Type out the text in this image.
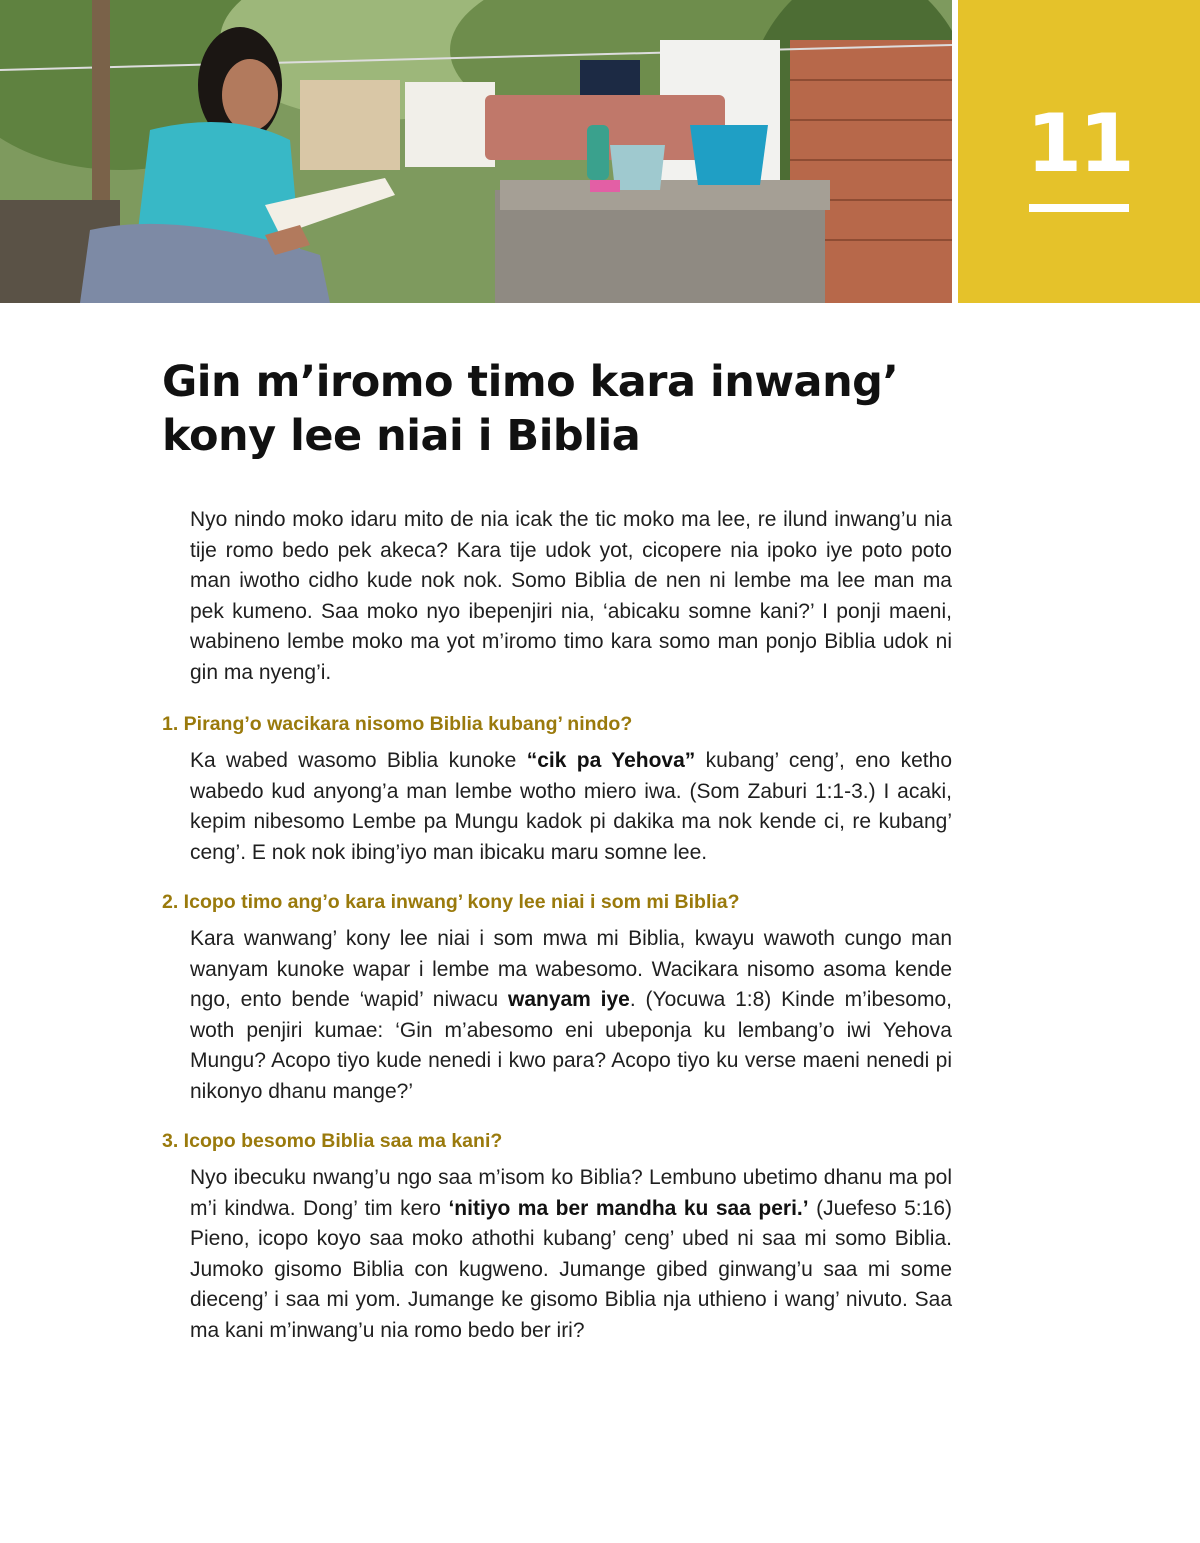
11
Gin m’iromo timo kara inwang’
kony lee niai i Biblia

Nyo nindo moko idaru mito de nia icak the tic moko ma lee, re ilund inwang’u nia tije romo bedo pek akeca? Kara tije udok yot, cicopere nia ipoko iye poto poto man iwotho cidho kude nok nok. Somo Biblia de nen ni lembe ma lee man ma pek kumeno. Saa moko nyo ibepenjiri nia, ‘abicaku somne kani?’ I ponji maeni, wabineno lembe moko ma yot m’iromo timo kara somo man ponjo Biblia udok ni gin ma nyeng’i.

1. Pirang’o wacikara nisomo Biblia kubang’ nindo?

Ka wabed wasomo Biblia kunoke “cik pa Yehova” kubang’ ceng’, eno ketho wabedo kud anyong’a man lembe wotho miero iwa. (Som Zaburi 1:1-3.) I acaki, kepim nibesomo Lembe pa Mungu kadok pi dakika ma nok kende ci, re kubang’ ceng’. E nok nok ibing’iyo man ibicaku maru somne lee.

2. Icopo timo ang’o kara inwang’ kony lee niai i som mi Biblia?

Kara wanwang’ kony lee niai i som mwa mi Biblia, kwayu wawoth cungo man wanyam kunoke wapar i lembe ma wabesomo. Wacikara nisomo asoma kende ngo, ento bende ‘wapid’ niwacu wanyam iye. (Yocuwa 1:8) Kinde m’ibesomo, woth penjiri kumae: ‘Gin m’abesomo eni ubeponja ku lembang’o iwi Yehova Mungu? Acopo tiyo kude nenedi i kwo para? Acopo tiyo ku verse maeni nenedi pi nikonyo dhanu mange?’

3. Icopo besomo Biblia saa ma kani?

Nyo ibecuku nwang’u ngo saa m’isom ko Biblia? Lembuno ubetimo dhanu ma pol m’i kindwa. Dong’ tim kero ‘nitiyo ma ber mandha ku saa peri.’ (Juefeso 5:16) Pieno, icopo koyo saa moko athothi kubang’ ceng’ ubed ni saa mi somo Biblia. Jumoko gisomo Biblia con kugweno. Jumange gibed ginwang’u saa mi some dieceng’ i saa mi yom. Jumange ke gisomo Biblia nja uthieno i wang’ nivuto. Saa ma kani m’inwang’u nia romo bedo ber iri?
